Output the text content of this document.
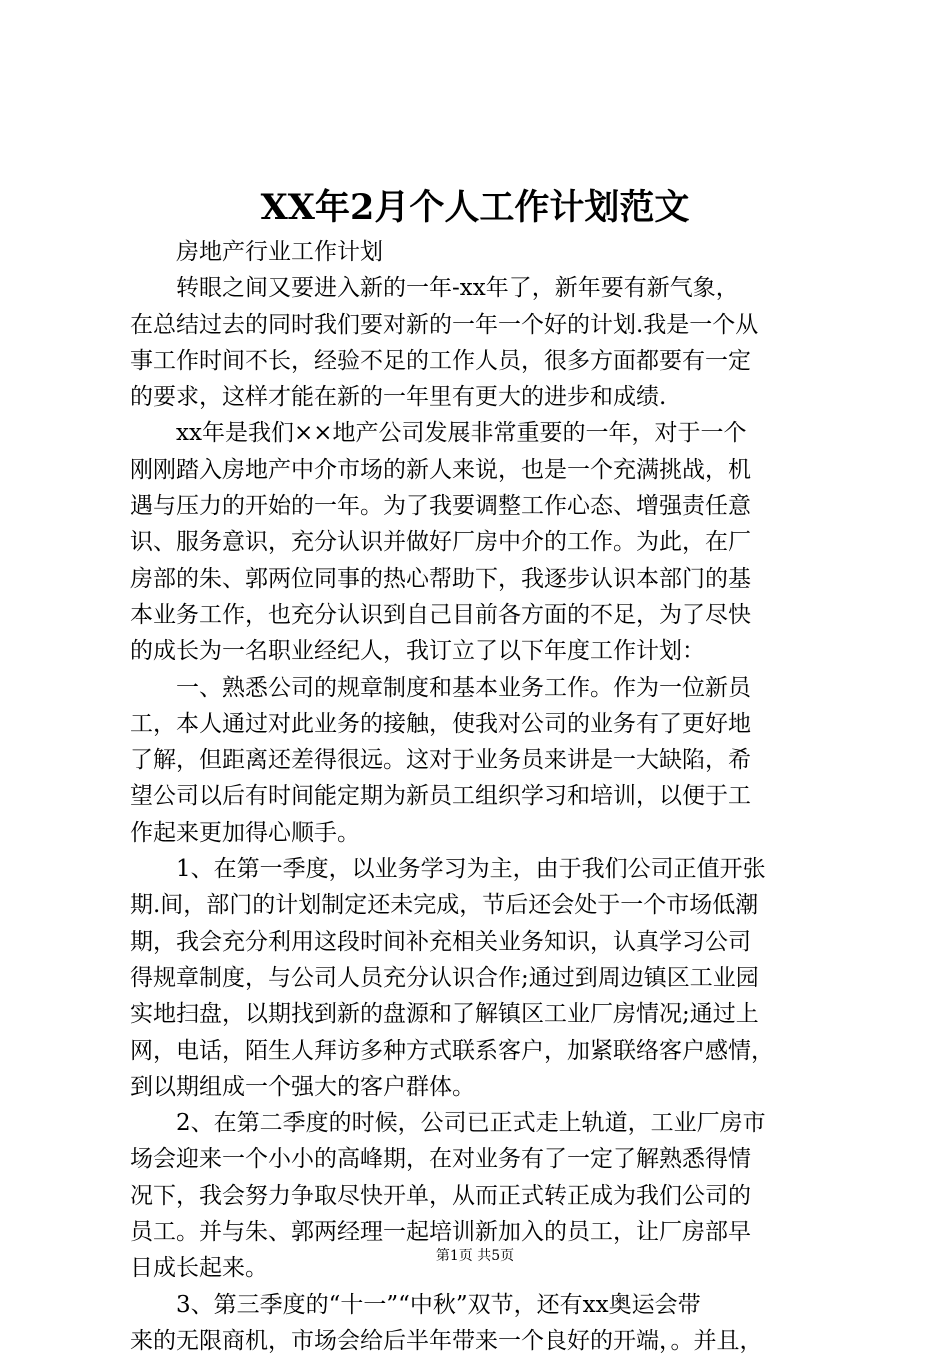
XX年2月个人工作计划范文
　　房地产行业工作计划
　　转眼之间又要进入新的一年-xx年了，新年要有新气象，
在总结过去的同时我们要对新的一年一个好的计划.我是一个从
事工作时间不长，经验不足的工作人员，很多方面都要有一定
的要求，这样才能在新的一年里有更大的进步和成绩.
　　xx年是我们××地产公司发展非常重要的一年，对于一个
刚刚踏入房地产中介市场的新人来说，也是一个充满挑战，机
遇与压力的开始的一年。为了我要调整工作心态、增强责任意
识、服务意识，充分认识并做好厂房中介的工作。为此，在厂
房部的朱、郭两位同事的热心帮助下，我逐步认识本部门的基
本业务工作，也充分认识到自己目前各方面的不足，为了尽快
的成长为一名职业经纪人，我订立了以下年度工作计划：
　　一、熟悉公司的规章制度和基本业务工作。作为一位新员
工，本人通过对此业务的接触，使我对公司的业务有了更好地
了解，但距离还差得很远。这对于业务员来讲是一大缺陷，希
望公司以后有时间能定期为新员工组织学习和培训，以便于工
作起来更加得心顺手。
　　1、在第一季度，以业务学习为主，由于我们公司正值开张
期.间，部门的计划制定还未完成，节后还会处于一个市场低潮
期，我会充分利用这段时间补充相关业务知识，认真学习公司
得规章制度，与公司人员充分认识合作;通过到周边镇区工业园
实地扫盘，以期找到新的盘源和了解镇区工业厂房情况;通过上
网，电话，陌生人拜访多种方式联系客户，加紧联络客户感情，
到以期组成一个强大的客户群体。
　　2、在第二季度的时候，公司已正式走上轨道，工业厂房市
场会迎来一个小小的高峰期，在对业务有了一定了解熟悉得情
况下，我会努力争取尽快开单，从而正式转正成为我们公司的
员工。并与朱、郭两经理一起培训新加入的员工，让厂房部早
日成长起来。
　　3、第三季度的“十一”“中秋”双节，还有xx奥运会带
来的无限商机，市场会给后半年带来一个良好的开端，。并且，
第1页 共5页
